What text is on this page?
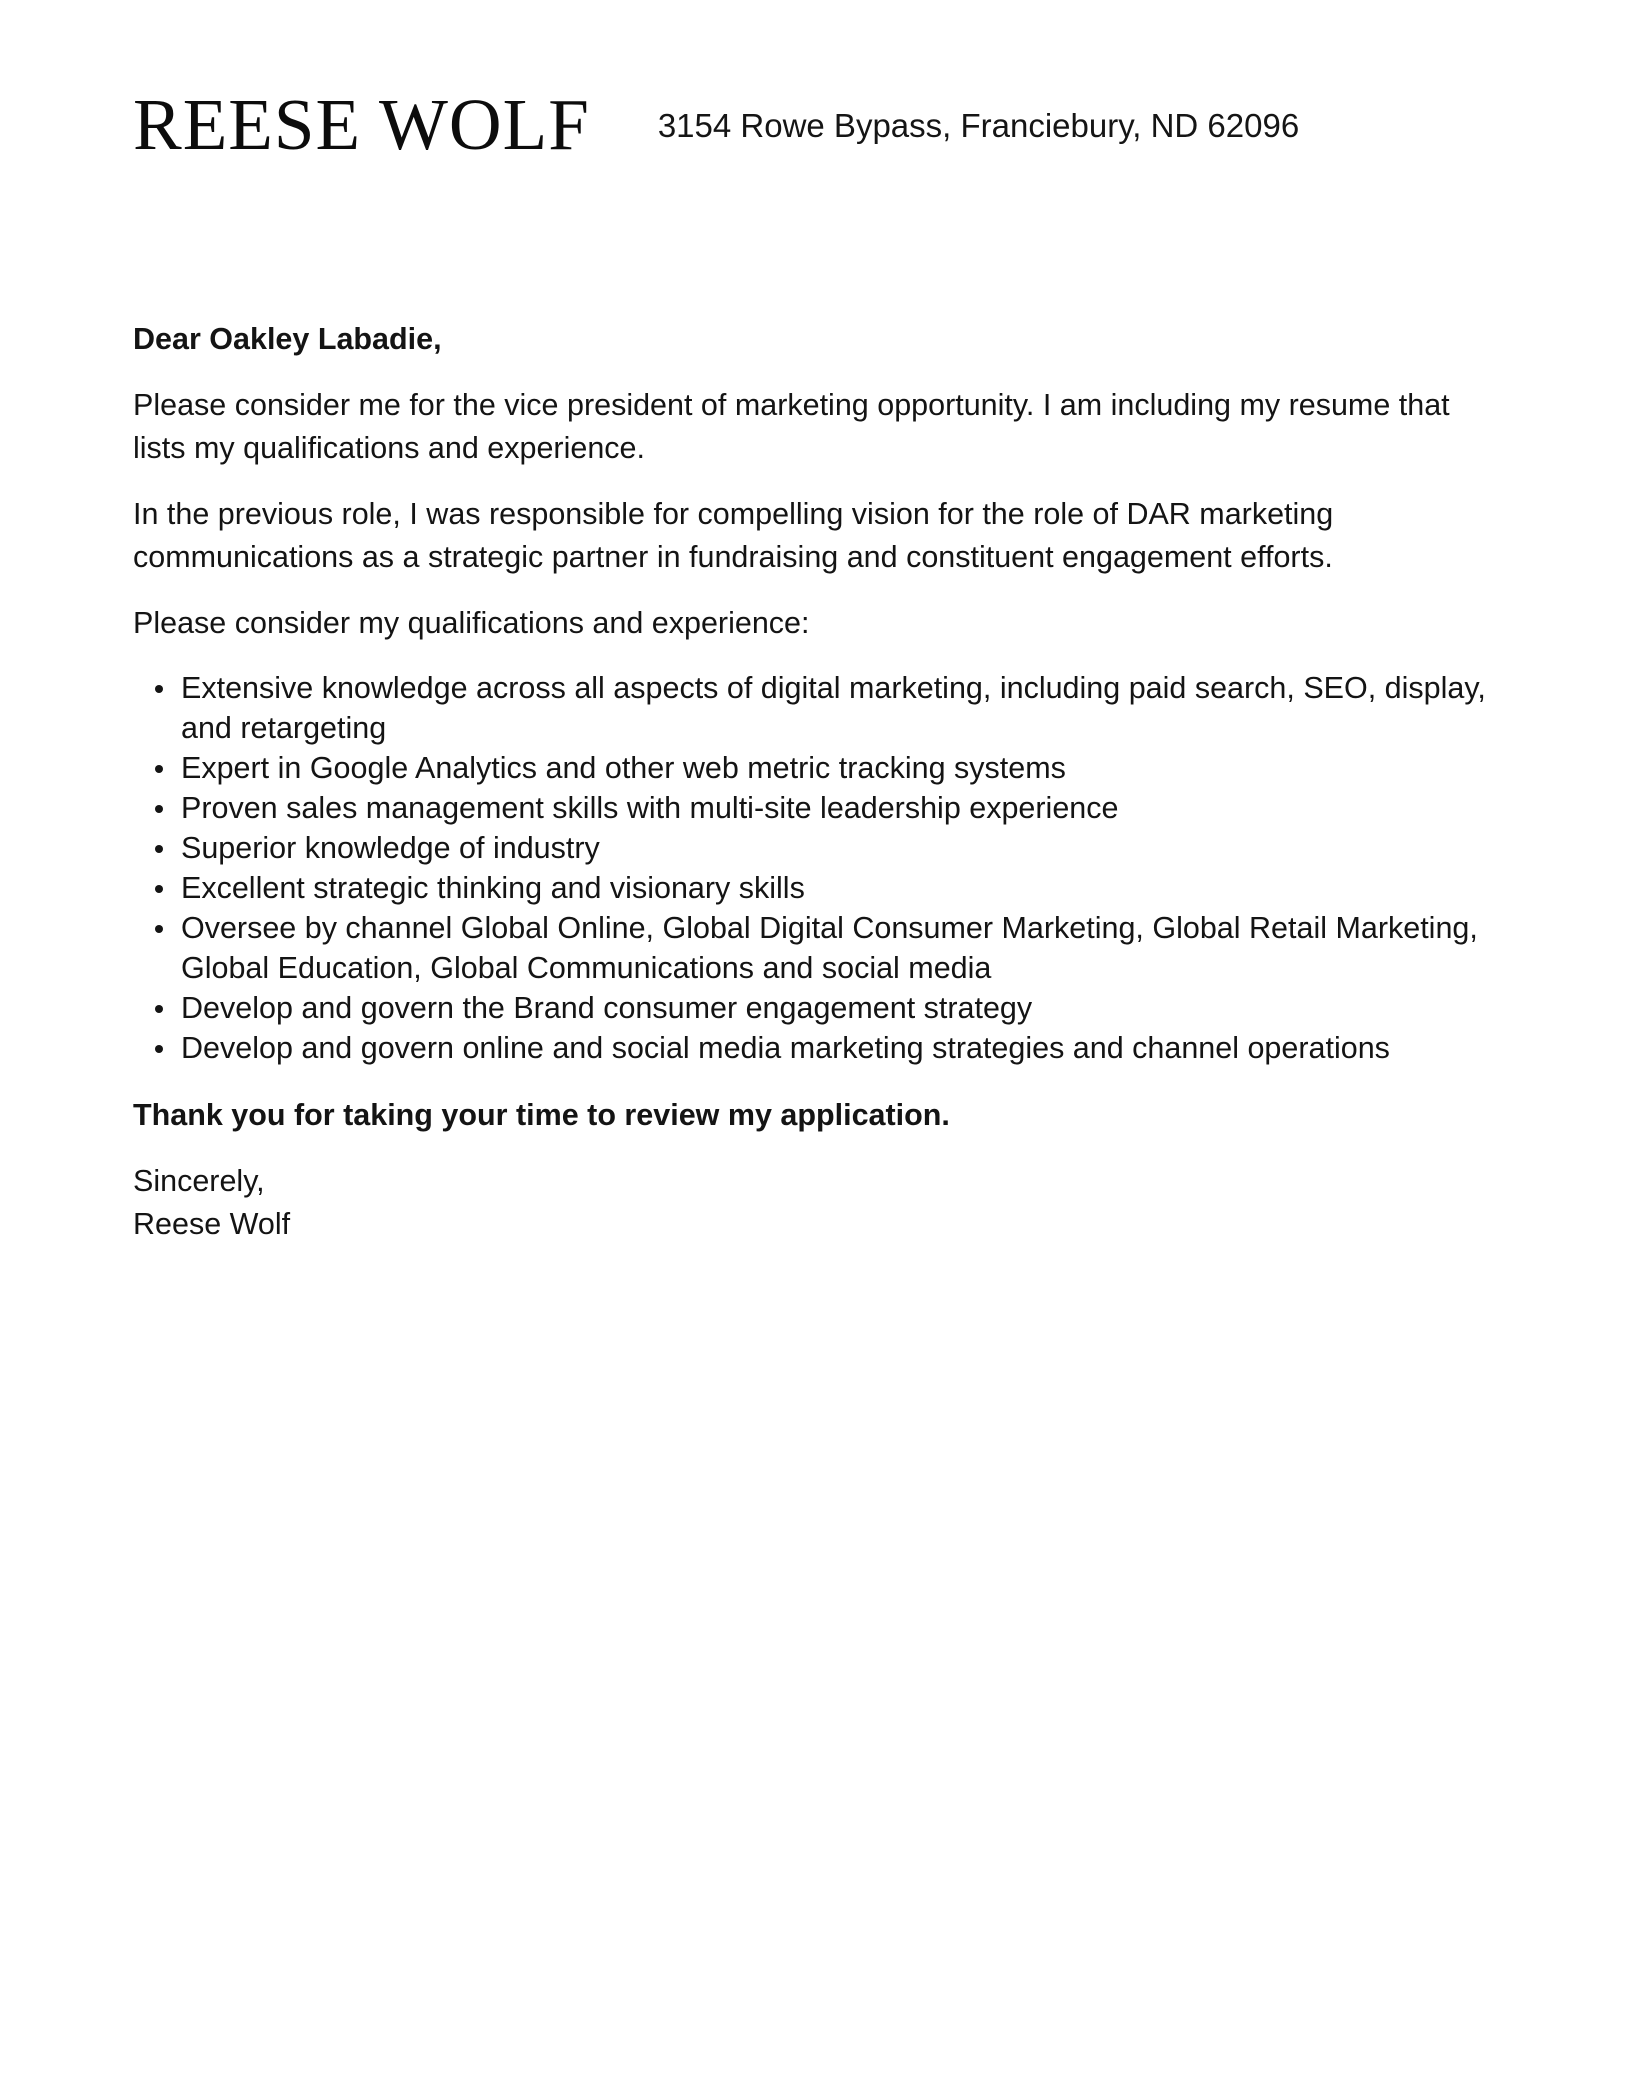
REESE WOLF 3154 Rowe Bypass, Franciebury, ND 62096

Dear Oakley Labadie,

Please consider me for the vice president of marketing opportunity. I am including my resume that lists my qualifications and experience.

In the previous role, I was responsible for compelling vision for the role of DAR marketing communications as a strategic partner in fundraising and constituent engagement efforts.

Please consider my qualifications and experience:

Extensive knowledge across all aspects of digital marketing, including paid search, SEO, display, and retargeting
Expert in Google Analytics and other web metric tracking systems
Proven sales management skills with multi-site leadership experience
Superior knowledge of industry
Excellent strategic thinking and visionary skills
Oversee by channel Global Online, Global Digital Consumer Marketing, Global Retail Marketing, Global Education, Global Communications and social media
Develop and govern the Brand consumer engagement strategy
Develop and govern online and social media marketing strategies and channel operations

Thank you for taking your time to review my application.

Sincerely,

Reese Wolf
